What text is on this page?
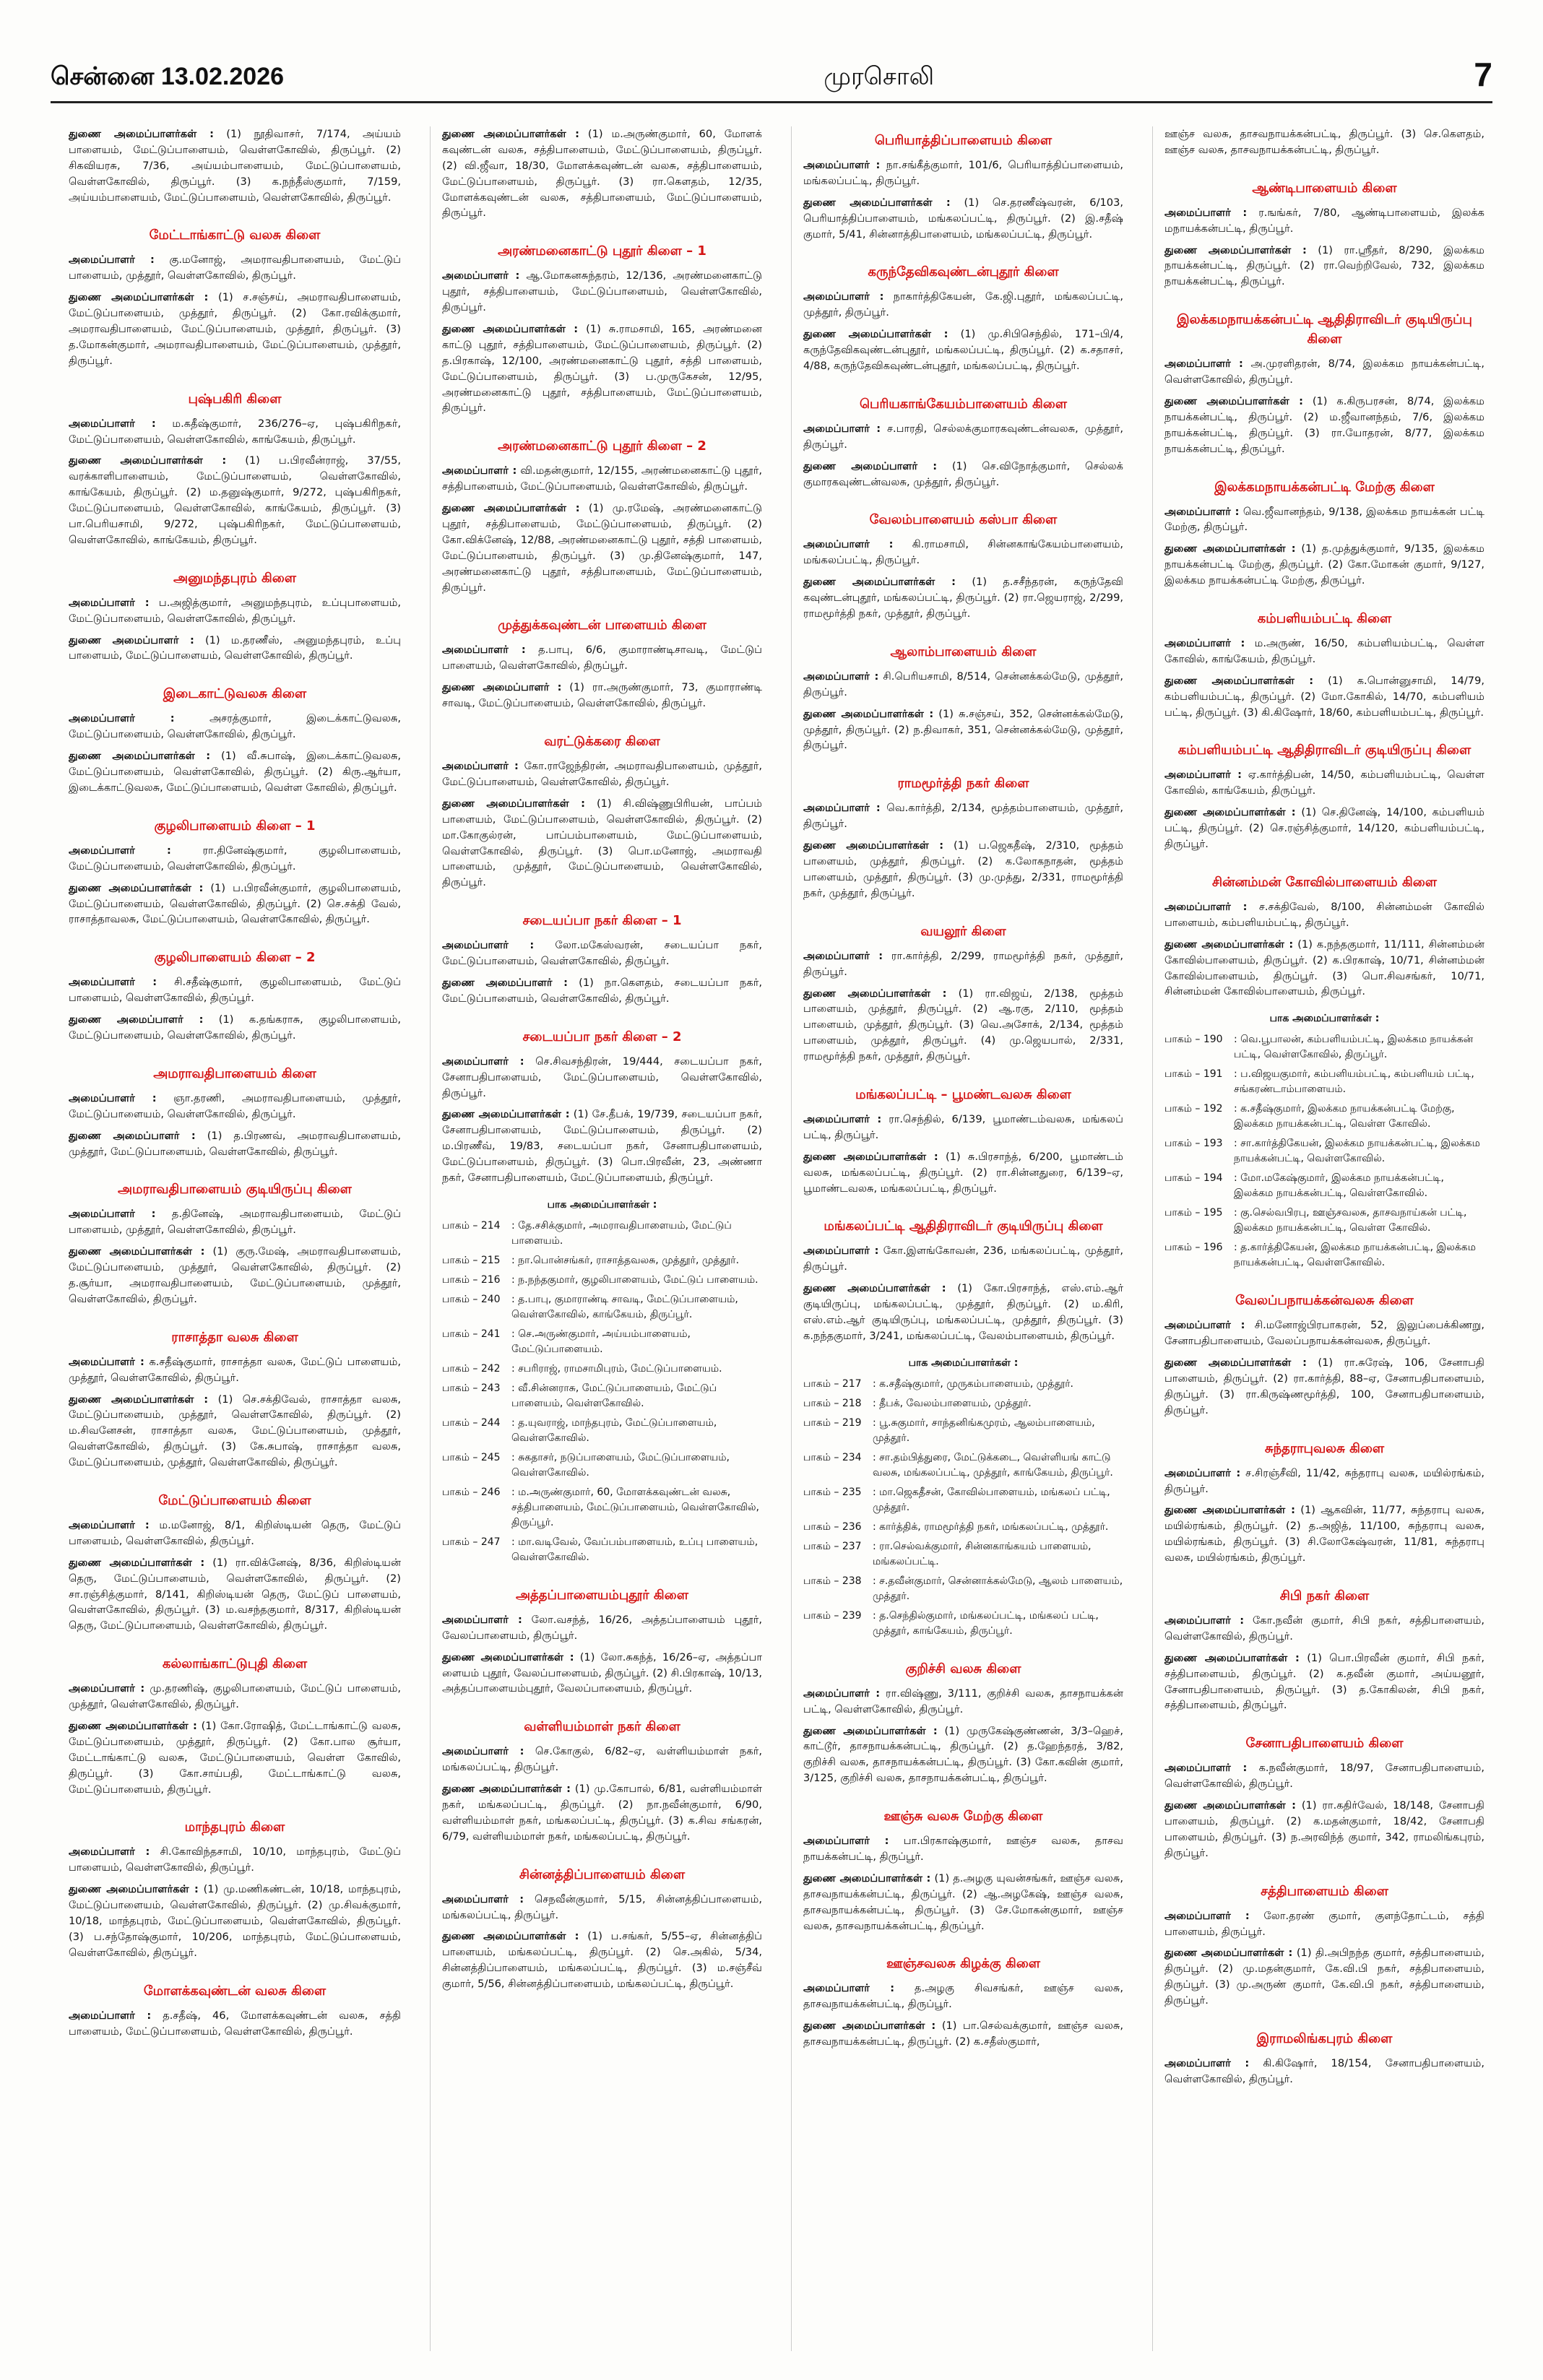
சென்னை 13.02.2026	முரசொலி	7

துணை அமைப்பாளர்கள் : (1) நூதிவாசர், 7/174, அய்யம் பாளையம், மேட்டுப்பாளையம், வெள்ளகோவில், திருப்பூர். (2) சிகவியரசு, 7/36, அய்யம்பாளையம், மேட்டுப்பாளையம், வெள்ளகோவில், திருப்பூர். (3) க.நந்தீஸ்குமார், 7/159, அய்யம்பாளையம், மேட்டுப்பாளையம், வெள்ளகோவில், திருப்பூர்.

மேட்டாங்காட்டு வலசு கிளை

அமைப்பாளர் : கு.மனோஜ், அமராவதிபாளையம், மேட்டுப் பாளையம், முத்தூர், வெள்ளகோவில், திருப்பூர்.

துணை அமைப்பாளர்கள் : (1) ச.சஞ்சய், அமராவதிபாளையம், மேட்டுப்பாளையம், முத்தூர், திருப்பூர். (2) கோ.ரவிக்குமார், அமராவதிபாளையம், மேட்டுப்பாளையம், முத்தூர், திருப்பூர். (3) த.மோகன்குமார், அமராவதிபாளையம், மேட்டுப்பாளையம், முத்தூர், திருப்பூர்.

புஷ்பகிரி கிளை

அமைப்பாளர் : ம.கதீஷ்குமார், 236/276–ஏ, புஷ்பகிரிநகர், மேட்டுப்பாளையம், வெள்ளகோவில், காங்கேயம், திருப்பூர்.

துணை அமைப்பாளர்கள் : (1) ப.பிரவீன்ராஜ், 37/55, வரக்காளிபாளையம், மேட்டுப்பாளையம், வெள்ளகோவில், காங்கேயம், திருப்பூர். (2) ம.தனுஷ்குமார், 9/272, புஷ்பகிரிநகர், மேட்டுப்பாளையம், வெள்ளகோவில், காங்கேயம், திருப்பூர். (3) பா.பெரியசாமி, 9/272, புஷ்பகிரிநகர், மேட்டுப்பாளையம், வெள்ளகோவில், காங்கேயம், திருப்பூர்.

அனுமந்தபுரம் கிளை

அமைப்பாளர் : ப.அஜித்குமார், அனுமந்தபுரம், உப்புபாளையம், மேட்டுப்பாளையம், வெள்ளகோவில், திருப்பூர்.

துணை அமைப்பாளர் : (1) ம.தரணீஸ், அனுமந்தபுரம், உப்பு பாளையம், மேட்டுப்பாளையம், வெள்ளகோவில், திருப்பூர்.

இடைகாட்டுவலசு கிளை

அமைப்பாளர் :	அசரத்குமார், இடைக்காட்டுவலசு, மேட்டுப்பாளையம், வெள்ளகோவில், திருப்பூர்.

துணை அமைப்பாளர்கள் : (1) வீ.சுபாஷ், இடைக்காட்டுவலசு, மேட்டுப்பாளையம், வெள்ளகோவில், திருப்பூர். (2) கிரு.ஆர்யா, இடைக்காட்டுவலசு, மேட்டுப்பாளையம், வெள்ள கோவில், திருப்பூர்.

குழலிபாளையம் கிளை – 1

அமைப்பாளர் :	ரா.தினேஷ்குமார், குழலிபாளையம், மேட்டுப்பாளையம், வெள்ளகோவில், திருப்பூர்.

துணை அமைப்பாளர்கள் : (1) ப.பிரவீன்குமார், குழலிபாளையம், மேட்டுப்பாளையம், வெள்ளகோவில், திருப்பூர். (2) செ.சக்தி வேல், ராசாத்தாவலசு, மேட்டுப்பாளையம், வெள்ளகோவில், திருப்பூர்.

குழலிபாளையம் கிளை – 2

அமைப்பாளர் : சி.சதீஷ்குமார், குழலிபாளையம், மேட்டுப் பாளையம், வெள்ளகோவில், திருப்பூர்.

துணை அமைப்பாளர் : (1) க.தங்கராசு, குழலிபாளையம், மேட்டுப்பாளையம், வெள்ளகோவில், திருப்பூர்.

அமராவதிபாளையம் கிளை

அமைப்பாளர் : ஞா.தரணி, அமராவதிபாளையம், முத்தூர், மேட்டுப்பாளையம், வெள்ளகோவில், திருப்பூர்.

துணை அமைப்பாளர் : (1) த.பிரணவ், அமராவதிபாளையம், முத்தூர், மேட்டுப்பாளையம், வெள்ளகோவில், திருப்பூர்.

அமராவதிபாளையம் குடியிருப்பு கிளை

அமைப்பாளர் : த.தினேஷ், அமராவதிபாளையம், மேட்டுப் பாளையம், முத்தூர், வெள்ளகோவில், திருப்பூர்.

துணை அமைப்பாளர்கள் : (1) குரு.மேஷ், அமராவதிபாளையம், மேட்டுப்பாளையம், முத்தூர், வெள்ளகோவில், திருப்பூர். (2) த.சூர்யா, அமராவதிபாளையம், மேட்டுப்பாளையம், முத்தூர், வெள்ளகோவில், திருப்பூர்.

ராசாத்தா வலசு கிளை

அமைப்பாளர் : க.சதீஷ்குமார், ராசாத்தா வலசு, மேட்டுப் பாளையம், முத்தூர், வெள்ளகோவில், திருப்பூர்.

துணை அமைப்பாளர்கள் : (1) செ.சக்திவேல், ராசாத்தா வலசு, மேட்டுப்பாளையம், முத்தூர், வெள்ளகோவில், திருப்பூர். (2) ம.சிவனேசன், ராசாத்தா வலசு, மேட்டுப்பாளையம், முத்தூர், வெள்ளகோவில், திருப்பூர். (3) கே.சுபாஷ், ராசாத்தா வலசு, மேட்டுப்பாளையம், முத்தூர், வெள்ளகோவில், திருப்பூர்.

மேட்டுப்பாளையம் கிளை

அமைப்பாளர் : ம.மனோஜ், 8/1, கிறிஸ்டியன் தெரு, மேட்டுப் பாளையம், வெள்ளகோவில், திருப்பூர்.

துணை அமைப்பாளர்கள் : (1) ரா.விக்னேஷ், 8/36, கிறிஸ்டியன் தெரு, மேட்டுப்பாளையம், வெள்ளகோவில், திருப்பூர். (2) சா.ரஞ்சித்குமார், 8/141, கிறிஸ்டியன் தெரு, மேட்டுப் பாளையம், வெள்ளகோவில், திருப்பூர். (3) ம.வசந்தகுமார், 8/317, கிறிஸ்டியன் தெரு, மேட்டுப்பாளையம், வெள்ளகோவில், திருப்பூர்.

கல்லாங்காட்டுபுதி கிளை

அமைப்பாளர் : மு.தரணிஷ், குழலிபாளையம், மேட்டுப் பாளையம், முத்தூர், வெள்ளகோவில், திருப்பூர்.

துணை அமைப்பாளர்கள் : (1) கோ.ரோஷித், மேட்டாங்காட்டு வலசு, மேட்டுப்பாளையம், முத்தூர், திருப்பூர். (2) கோ.பால சூர்யா, மேட்டாங்காட்டு வலசு, மேட்டுப்பாளையம், வெள்ள கோவில், திருப்பூர். (3) கோ.சாய்பதி, மேட்டாங்காட்டு வலசு, மேட்டுப்பாளையம், திருப்பூர்.

மாந்தபுரம் கிளை

அமைப்பாளர் : சி.கோவிந்தசாமி, 10/10, மாந்தபுரம், மேட்டுப் பாளையம், வெள்ளகோவில், திருப்பூர்.

துணை அமைப்பாளர்கள் : (1) மு.மணிகண்டன், 10/18, மாந்தபுரம், மேட்டுப்பாளையம், வெள்ளகோவில், திருப்பூர். (2) மு.சிவக்குமார், 10/18, மாந்தபுரம், மேட்டுப்பாளையம், வெள்ளகோவில், திருப்பூர். (3) ப.சந்தோஷ்குமார், 10/206, மாந்தபுரம், மேட்டுப்பாளையம், வெள்ளகோவில், திருப்பூர்.

மோளக்கவுண்டன் வலசு கிளை

அமைப்பாளர் : த.சதீஷ், 46, மோளக்கவுண்டன் வலசு, சத்தி பாளையம், மேட்டுப்பாளையம், வெள்ளகோவில், திருப்பூர்.

துணை அமைப்பாளர்கள் : (1) ம.அருண்குமார், 60, மோளக் கவுண்டன் வலசு, சத்திபாளையம், மேட்டுப்பாளையம், திருப்பூர். (2) வி.ஜீவா, 18/30, மோளக்கவுண்டன் வலசு, சத்திபாளையம், மேட்டுப்பாளையம், திருப்பூர். (3) ரா.கௌதம், 12/35, மோளக்கவுண்டன் வலசு, சத்திபாளையம், மேட்டுப்பாளையம், திருப்பூர்.

அரண்மனைகாட்டு புதூர் கிளை – 1

அமைப்பாளர் : ஆ.மோகனசுந்தரம், 12/136, அரண்மனைகாட்டு புதூர், சத்திபாளையம், மேட்டுப்பாளையம், வெள்ளகோவில், திருப்பூர்.

துணை அமைப்பாளர்கள் : (1) சு.ராமசாமி, 165, அரண்மனை காட்டு புதூர், சத்திபாளையம், மேட்டுப்பாளையம், திருப்பூர். (2) த.பிரகாஷ், 12/100, அரண்மனைகாட்டு புதூர், சத்தி பாளையம், மேட்டுப்பாளையம், திருப்பூர். (3) ப.முருகேசன், 12/95, அரண்மனைகாட்டு புதூர், சத்திபாளையம், மேட்டுப்பாளையம், திருப்பூர்.

அரண்மனைகாட்டு புதூர் கிளை – 2

அமைப்பாளர் : வி.மதன்குமார், 12/155, அரண்மனைகாட்டு புதூர், சத்திபாளையம், மேட்டுப்பாளையம், வெள்ளகோவில், திருப்பூர்.

துணை அமைப்பாளர்கள் : (1) மு.ரமேஷ், அரண்மனைகாட்டு புதூர், சத்திபாளையம், மேட்டுப்பாளையம், திருப்பூர். (2) கோ.விக்னேஷ், 12/88, அரண்மனைகாட்டு புதூர், சத்தி பாளையம், மேட்டுப்பாளையம், திருப்பூர். (3) மு.தினேஷ்குமார், 147, அரண்மனைகாட்டு புதூர், சத்திபாளையம், மேட்டுப்பாளையம், திருப்பூர்.

முத்துக்கவுண்டன் பாளையம் கிளை

அமைப்பாளர் : த.பாபு, 6/6, குமாராண்டிசாவடி, மேட்டுப் பாளையம், வெள்ளகோவில், திருப்பூர்.

துணை அமைப்பாளர் : (1) ரா.அருண்குமார், 73, குமாராண்டி சாவடி, மேட்டுப்பாளையம், வெள்ளகோவில், திருப்பூர்.

வரட்டுக்கரை கிளை

அமைப்பாளர் : கோ.ராஜேந்திரன், அமராவதிபாளையம், முத்தூர், மேட்டுப்பாளையம், வெள்ளகோவில், திருப்பூர்.

துணை அமைப்பாளர்கள் : (1) சி.விஷ்ணுபிரியன், பாப்பம் பாளையம், மேட்டுப்பாளையம், வெள்ளகோவில், திருப்பூர். (2) மா.கோகுல்ரன், பாப்பம்பாளையம், மேட்டுப்பாளையம், வெள்ளகோவில், திருப்பூர். (3) பொ.மனோஜ், அமராவதி பாளையம், முத்தூர், மேட்டுப்பாளையம், வெள்ளகோவில், திருப்பூர்.

சடையப்பா நகர் கிளை – 1

அமைப்பாளர் : லோ.மகேஸ்வரன், சடையப்பா நகர், மேட்டுப்பாளையம், வெள்ளகோவில், திருப்பூர்.

துணை அமைப்பாளர் : (1) நா.கௌதம், சடையப்பா நகர், மேட்டுப்பாளையம், வெள்ளகோவில், திருப்பூர்.

சடையப்பா நகர் கிளை – 2

அமைப்பாளர் : செ.சிவசந்திரன், 19/444, சடையப்பா நகர், சேனாபதிபாளையம், மேட்டுப்பாளையம், வெள்ளகோவில், திருப்பூர்.

துணை அமைப்பாளர்கள் : (1) சே.தீபக், 19/739, சடையப்பா நகர், சேனாபதிபாளையம், மேட்டுப்பாளையம், திருப்பூர். (2) ம.பிரணீவ், 19/83, சடையப்பா நகர், சேனாபதிபாளையம், மேட்டுப்பாளையம், திருப்பூர். (3) பொ.பிரவீன், 23, அண்ணா நகர், சேனாபதிபாளையம், மேட்டுப்பாளையம், திருப்பூர்.

பாக அமைப்பாளர்கள் :
பாகம் – 214	: தே.சசிக்குமார், அமராவதிபாளையம், மேட்டுப் பாளையம்.
பாகம் – 215	: நா.பொன்சங்கர், ராசாத்தவலசு, முத்தூர், முத்தூர்.
பாகம் – 216	: ந.நந்தகுமார், குழலிபாளையம், மேட்டுப் பாளையம்.
பாகம் – 240	: த.பாபு, குமாராண்டி சாவடி, மேட்டுப்பாளையம், வெள்ளகோவில், காங்கேயம், திருப்பூர்.
பாகம் – 241	: செ.அருண்குமார், அய்யம்பாளையம், மேட்டுப்பாளையம்.
பாகம் – 242	: சபரிராஜ், ராமசாமிபுரம், மேட்டுப்பாளையம்.
பாகம் – 243	: வீ.சின்னராசு, மேட்டுப்பாளையம், மேட்டுப் பாளையம், வெள்ளகோவில்.
பாகம் – 244	: த.யுவராஜ், மாந்தபுரம், மேட்டுப்பாளையம், வெள்ளகோவில்.
பாகம் – 245	: சுகதாசர், நடுப்பாளையம், மேட்டுப்பாளையம், வெள்ளகோவில்.
பாகம் – 246	: ம.அருண்குமார், 60, மோளக்கவுண்டன் வலசு, சத்திபாளையம், மேட்டுப்பாளையம், வெள்ளகோவில், திருப்பூர்.
பாகம் – 247	: மா.வடிவேல், வேப்பம்பாளையம், உப்பு பாளையம், வெள்ளகோவில்.
அத்தப்பாளையம்புதூர் கிளை

அமைப்பாளர் : லோ.வசந்த், 16/26, அத்தப்பாளையம் புதூர், வேலப்பாளையம், திருப்பூர்.

துணை அமைப்பாளர்கள் : (1) லோ.சுகந்த், 16/26–ஏ, அத்தப்பா ளையம் புதூர், வேலப்பாளையம், திருப்பூர். (2) சி.பிரகாஷ், 10/13, அத்தப்பாளையம்புதூர், வேலப்பாளையம், திருப்பூர்.

வள்ளியம்மாள் நகர் கிளை

அமைப்பாளர் : செ.கோகுல், 6/82–ஏ, வள்ளியம்மாள் நகர், மங்கலப்பட்டி, திருப்பூர்.

துணை அமைப்பாளர்கள் : (1) மு.கோபால், 6/81, வள்ளியம்மாள் நகர், மங்கலப்பட்டி, திருப்பூர். (2) நா.நவீன்குமார், 6/90, வள்ளியம்மாள் நகர், மங்கலப்பட்டி, திருப்பூர். (3) க.சிவ சங்கரன், 6/79, வள்ளியம்மாள் நகர், மங்கலப்பட்டி, திருப்பூர்.

சின்னத்திப்பாளையம் கிளை

அமைப்பாளர் : செநவீன்குமார், 5/15, சின்னத்திப்பாளையம், மங்கலப்பட்டி, திருப்பூர்.

துணை அமைப்பாளர்கள் : (1) ப.சங்கர், 5/55–ஏ, சின்னத்திப் பாளையம், மங்கலப்பட்டி, திருப்பூர். (2) செ.அகில், 5/34, சின்னத்திப்பாளையம், மங்கலப்பட்டி, திருப்பூர். (3) ம.சஞ்சீவ் குமார், 5/56, சின்னத்திப்பாளையம், மங்கலப்பட்டி, திருப்பூர்.

பெரியாத்திப்பாளையம் கிளை

அமைப்பாளர் : நா.சங்கீத்குமார், 101/6, பெரியாத்திப்பாளையம், மங்கலப்பட்டி, திருப்பூர்.

துணை அமைப்பாளர்கள் : (1) செ.தரணீஷ்வரன், 6/103, பெரியாத்திப்பாளையம், மங்கலப்பட்டி, திருப்பூர். (2) இ.சதீஷ் குமார், 5/41, சின்னாத்திபாளையம், மங்கலப்பட்டி, திருப்பூர்.

கருந்தேவிகவுண்டன்புதூர் கிளை

அமைப்பாளர் : நாகார்த்திகேயன், கே.ஜி.புதூர், மங்கலப்பட்டி, முத்தூர், திருப்பூர்.

துணை அமைப்பாளர்கள் : (1) மு.சிபிசெந்தில், 171–பி/4, கருந்தேவிகவுண்டன்புதூர், மங்கலப்பட்டி, திருப்பூர். (2) க.சதாசர், 4/88, கருந்தேவிகவுண்டன்புதூர், மங்கலப்பட்டி, திருப்பூர்.

பெரியகாங்கேயம்பாளையம் கிளை

அமைப்பாளர் : ச.பாரதி, செல்லக்குமாரகவுண்டன்வலசு, முத்தூர், திருப்பூர்.

துணை அமைப்பாளர் : (1) செ.விநோத்குமார், செல்லக் குமாரகவுண்டன்வலசு, முத்தூர், திருப்பூர்.

வேலம்பாளையம் கஸ்பா கிளை

அமைப்பாளர் : கி.ராமசாமி, சின்னகாங்கேயம்பாளையம், மங்கலப்பட்டி, திருப்பூர்.

துணை அமைப்பாளர்கள் : (1) த.சசீந்தரன், கருந்தேவி கவுண்டன்புதூர், மங்கலப்பட்டி, திருப்பூர். (2) ரா.ஜெயராஜ், 2/299, ராமமூர்த்தி நகர், முத்தூர், திருப்பூர்.

ஆலாம்பாளையம் கிளை

அமைப்பாளர் : சி.பெரியசாமி, 8/514, சென்னக்கல்மேடு, முத்தூர், திருப்பூர்.

துணை அமைப்பாளர்கள் : (1) சு.சஞ்சய், 352, சென்னக்கல்மேடு, முத்தூர், திருப்பூர். (2) ந.திவாகர், 351, சென்னக்கல்மேடு, முத்தூர், திருப்பூர்.

ராமமூர்த்தி நகர் கிளை

அமைப்பாளர் : வெ.கார்த்தி, 2/134, மூத்தம்பாளையம், முத்தூர், திருப்பூர்.

துணை அமைப்பாளர்கள் : (1) ப.ஜெகதீஷ், 2/310, மூத்தம் பாளையம், முத்தூர், திருப்பூர். (2) க.லோகநாதன், மூத்தம் பாளையம், முத்தூர், திருப்பூர். (3) மு.முத்து, 2/331, ராமமூர்த்தி நகர், முத்தூர், திருப்பூர்.

வயலூர் கிளை

அமைப்பாளர் : ரா.கார்த்தி, 2/299, ராமமூர்த்தி நகர், முத்தூர், திருப்பூர்.

துணை அமைப்பாளர்கள் : (1) ரா.விஜய், 2/138, மூத்தம் பாளையம், முத்தூர், திருப்பூர். (2) ஆ.ரகு, 2/110, மூத்தம் பாளையம், முத்தூர், திருப்பூர். (3) வெ.அசோக், 2/134, மூத்தம் பாளையம், முத்தூர், திருப்பூர். (4) மு.ஜெயபால், 2/331, ராமமூர்த்தி நகர், முத்தூர், திருப்பூர்.

மங்கலப்பட்டி – பூமண்டவலசு கிளை

அமைப்பாளர் : ரா.செந்தில், 6/139, பூமாண்டம்வலசு, மங்கலப் பட்டி, திருப்பூர்.

துணை அமைப்பாளர்கள் : (1) சு.பிரசாந்த், 6/200, பூமாண்டம் வலசு, மங்கலப்பட்டி, திருப்பூர். (2) ரா.சின்னதுரை, 6/139–ஏ, பூமாண்டவலசு, மங்கலப்பட்டி, திருப்பூர்.

மங்கலப்பட்டி ஆதிதிராவிடர் குடியிருப்பு கிளை

அமைப்பாளர் : கோ.இளங்கோவன், 236, மங்கலப்பட்டி, முத்தூர், திருப்பூர்.

துணை அமைப்பாளர்கள் : (1) கோ.பிரசாந்த், எஸ்.எம்.ஆர் குடியிருப்பு, மங்கலப்பட்டி, முத்தூர், திருப்பூர். (2) ம.கிரி, எஸ்.எம்.ஆர் குடியிருப்பு, மங்கலப்பட்டி, முத்தூர், திருப்பூர். (3) க.நந்தகுமார், 3/241, மங்கலப்பட்டி, வேலம்பாளையம், திருப்பூர்.

பாக அமைப்பாளர்கள் :
பாகம் – 217	: க.சதீஷ்குமார், முருகம்பாளையம், முத்தூர்.
பாகம் – 218	: தீபக், வேலம்பாளையம், முத்தூர்.
பாகம் – 219	: பூ.சுகுமார், சாந்தனிங்கமுரம், ஆலம்பாளையம், முத்தூர்.
பாகம் – 234	: சா.தம்பித்துரை, மேட்டுக்கடை, வெள்ளியங் காட்டு வலசு, மங்கலப்பட்டி, முத்தூர், காங்கேயம், திருப்பூர்.
பாகம் – 235	: மா.ஜெகதீசன், கோவில்பாளையம், மங்கலப் பட்டி, முத்தூர்.
பாகம் – 236	: கார்த்திக், ராமமூர்த்தி நகர், மங்கலப்பட்டி, முத்தூர்.
பாகம் – 237	: ரா.செல்வக்குமார், சின்னகாங்கயம் பாளையம், மங்கலப்பட்டி.
பாகம் – 238	: ச.தவீன்குமார், சென்னாக்கல்மேடு, ஆலம் பாளையம், முத்தூர்.
பாகம் – 239	: த.செந்தில்குமார், மங்கலப்பட்டி, மங்கலப் பட்டி, முத்தூர், காங்கேயம், திருப்பூர்.
குறிச்சி வலசு கிளை

அமைப்பாளர் : ரா.விஷ்ணு, 3/111, குறிச்சி வலசு, தாசநாயக்கன் பட்டி, வெள்ளகோவில், திருப்பூர்.

துணை அமைப்பாளர்கள் : (1) முருகேஷ்குண்ணன், 3/3–ஹெச், காட்டூர், தாசநாயக்கன்பட்டி, திருப்பூர். (2) த.ஹேந்தரத், 3/82, குறிச்சி வலசு, தாசநாயக்கன்பட்டி, திருப்பூர். (3) கோ.கவின் குமார், 3/125, குறிச்சி வலசு, தாசநாயக்கன்பட்டி, திருப்பூர்.

ஊஞ்சு வலசு மேற்கு கிளை

அமைப்பாளர் : பா.பிரகாஷ்குமார், ஊஞ்ச வலசு, தாசவ நாயக்கன்பட்டி, திருப்பூர்.

துணை அமைப்பாளர்கள் : (1) த.அழகு யுவன்சங்கர், ஊஞ்ச வலசு, தாசவநாயக்கன்பட்டி, திருப்பூர். (2) ஆ.அழகேஷ், ஊஞ்ச வலசு, தாசவநாயக்கன்பட்டி, திருப்பூர். (3) சே.மோகன்குமார், ஊஞ்ச வலசு, தாசவநாயக்கன்பட்டி, திருப்பூர்.

ஊஞ்சவலசு கிழக்கு கிளை

அமைப்பாளர் : த.அழகு சிவசங்கர், ஊஞ்ச வலசு, தாசவநாயக்கன்பட்டி, திருப்பூர்.

துணை அமைப்பாளர்கள் : (1) பா.செல்வக்குமார், ஊஞ்ச வலசு, தாசவநாயக்கன்பட்டி, திருப்பூர். (2) க.சதீஸ்குமார்,

ஊஞ்ச வலசு, தாசவநாயக்கன்பட்டி, திருப்பூர். (3) செ.கௌதம், ஊஞ்ச வலசு, தாசவநாயக்கன்பட்டி, திருப்பூர்.

ஆண்டிபாளையம் கிளை

அமைப்பாளர் : ர.ஙங்கர், 7/80, ஆண்டிபாளையம், இலக்க மநாயக்கன்பட்டி, திருப்பூர்.

துணை அமைப்பாளர்கள் : (1) ரா.ஸ்ரீதர், 8/290, இலக்கம நாயக்கன்பட்டி, திருப்பூர். (2) ரா.வெற்றிவேல், 732, இலக்கம நாயக்கன்பட்டி, திருப்பூர்.

இலக்கமநாயக்கன்பட்டி ஆதிதிராவிடர் குடியிருப்பு கிளை

அமைப்பாளர் : அ.முரளிதரன், 8/74, இலக்கம நாயக்கன்பட்டி, வெள்ளகோவில், திருப்பூர்.

துணை அமைப்பாளர்கள் : (1) க.கிருபரசன், 8/74, இலக்கம நாயக்கன்பட்டி, திருப்பூர். (2) ம.ஜீவானந்தம், 7/6, இலக்கம நாயக்கன்பட்டி, திருப்பூர். (3) ரா.யோதரன், 8/77, இலக்கம நாயக்கன்பட்டி, திருப்பூர்.

இலக்கமநாயக்கன்பட்டி மேற்கு கிளை

அமைப்பாளர் : வெ.ஜீவானந்தம், 9/138, இலக்கம நாயக்கன் பட்டி மேற்கு, திருப்பூர்.

துணை அமைப்பாளர்கள் : (1) த.முத்துக்குமார், 9/135, இலக்கம நாயக்கன்பட்டி மேற்கு, திருப்பூர். (2) கோ.மோகன் குமார், 9/127, இலக்கம நாயக்கன்பட்டி மேற்கு, திருப்பூர்.

கம்பளியம்பட்டி கிளை

அமைப்பாளர் : ம.அருண், 16/50, கம்பளியம்பட்டி, வெள்ள கோவில், காங்கேயம், திருப்பூர்.

துணை அமைப்பாளர்கள் : (1) க.பொன்னுசாமி, 14/79, கம்பளியம்பட்டி, திருப்பூர். (2) மோ.கோகில், 14/70, கம்பளியம் பட்டி, திருப்பூர். (3) கி.கிஷோர், 18/60, கம்பளியம்பட்டி, திருப்பூர்.

கம்பளியம்பட்டி ஆதிதிராவிடர் குடியிருப்பு கிளை

அமைப்பாளர் : ஏ.கார்த்திபன், 14/50, கம்பளியம்பட்டி, வெள்ள கோவில், காங்கேயம், திருப்பூர்.

துணை அமைப்பாளர்கள் : (1) செ.தினேஷ், 14/100, கம்பளியம் பட்டி, திருப்பூர். (2) செ.ரஞ்சித்குமார், 14/120, கம்பளியம்பட்டி, திருப்பூர்.

சின்னம்மன் கோவில்பாளையம் கிளை

அமைப்பாளர் : ச.சக்திவேல், 8/100, சின்னம்மன் கோவில் பாளையம், கம்பளியம்பட்டி, திருப்பூர்.

துணை அமைப்பாளர்கள் : (1) க.நந்தகுமார், 11/111, சின்னம்மன் கோவில்பாளையம், திருப்பூர். (2) க.பிரகாஷ், 10/71, சின்னம்மன் கோவில்பாளையம், திருப்பூர். (3) பொ.சிவசங்கர், 10/71, சின்னம்மன் கோவில்பாளையம், திருப்பூர்.

பாக அமைப்பாளர்கள் :
பாகம் – 190	: வெ.பூபாலன், கம்பளியம்பட்டி, இலக்கம நாயக்கன் பட்டி, வெள்ளகோவில், திருப்பூர்.
பாகம் – 191	: ப.விஜயகுமார், கம்பளியம்பட்டி, கம்பளியம் பட்டி, சங்கரண்டாம்பாளையம்.
பாகம் – 192	: க.சதீஷ்குமார், இலக்கம நாயக்கன்பட்டி மேற்கு, இலக்கம நாயக்கன்பட்டி, வெள்ள கோவில்.
பாகம் – 193	: சா.கார்த்திகேயன், இலக்கம நாயக்கன்பட்டி, இலக்கம நாயக்கன்பட்டி, வெள்ளகோவில்.
பாகம் – 194	: மோ.மகேஷ்குமார், இலக்கம நாயக்கன்பட்டி, இலக்கம நாயக்கன்பட்டி, வெள்ளகோவில்.
பாகம் – 195	: கு.செல்வபிரபு, ஊஞ்சவலசு, தாசவநாய்கன் பட்டி, இலக்கம நாயக்கன்பட்டி, வெள்ள கோவில்.
பாகம் – 196	: த.கார்த்திகேயன், இலக்கம நாயக்கன்பட்டி, இலக்கம நாயக்கன்பட்டி, வெள்ளகோவில்.
வேலப்பநாயக்கன்வலசு கிளை

அமைப்பாளர் : சி.மனோஜ்பிரபாகரன், 52, இலுப்பைக்கிணறு, சேனாபதிபாளையம், வேலப்பநாயக்கன்வலசு, திருப்பூர்.

துணை அமைப்பாளர்கள் : (1) ரா.சுரேஷ், 106, சேனாபதி பாளையம், திருப்பூர். (2) ரா.கார்த்தி, 88–ஏ, சேனாபதிபாளையம், திருப்பூர். (3) ரா.கிருஷ்ணமூர்த்தி, 100, சேனாபதிபாளையம், திருப்பூர்.

சுந்தராபுவலசு கிளை

அமைப்பாளர் : ச.சிரஞ்சீவி, 11/42, சுந்தராபு வலசு, மயில்ரங்கம், திருப்பூர்.

துணை அமைப்பாளர்கள் : (1) ஆகவின், 11/77, சுந்தராபு வலசு, மயில்ரங்கம், திருப்பூர். (2) த.அஜித், 11/100, சுந்தராபு வலசு, மயில்ரங்கம், திருப்பூர். (3) சி.லோகேஷ்வரன், 11/81, சுந்தராபு வலசு, மயில்ரங்கம், திருப்பூர்.

சிபி நகர் கிளை

அமைப்பாளர் : கோ.நவீன் குமார், சிபி நகர், சத்திபாளையம், வெள்ளகோவில், திருப்பூர்.

துணை அமைப்பாளர்கள் : (1) பொ.பிரவீன் குமார், சிபி நகர், சத்திபாளையம், திருப்பூர். (2) க.தவீன் குமார், அய்யனூர், சேனாபதிபாளையம், திருப்பூர். (3) த.கோகிலன், சிபி நகர், சத்திபாளையம், திருப்பூர்.

சேனாபதிபாளையம் கிளை

அமைப்பாளர் : க.நவீன்குமார், 18/97, சேனாபதிபாளையம், வெள்ளகோவில், திருப்பூர்.

துணை அமைப்பாளர்கள் : (1) ரா.கதிர்வேல், 18/148, சேனாபதி பாளையம், திருப்பூர். (2) க.மதன்குமார், 18/42, சேனாபதி பாளையம், திருப்பூர். (3) ந.அரவிந்த் குமார், 342, ராமலிங்கபுரம், திருப்பூர்.

சத்திபாளையம் கிளை

அமைப்பாளர் : லோ.தரண் குமார், குளந்தோட்டம், சத்தி பாளையம், திருப்பூர்.

துணை அமைப்பாளர்கள் : (1) தி.அபிநந்த குமார், சத்திபாளையம், திருப்பூர். (2) மு.மதன்குமார், கே.வி.பி நகர், சத்திபாளையம், திருப்பூர். (3) மு.அருண் குமார், கே.வி.பி நகர், சத்திபாளையம், திருப்பூர்.

இராமலிங்கபுரம் கிளை

அமைப்பாளர் : கி.கிஷோர், 18/154, சேனாபதிபாளையம், வெள்ளகோவில், திருப்பூர்.
